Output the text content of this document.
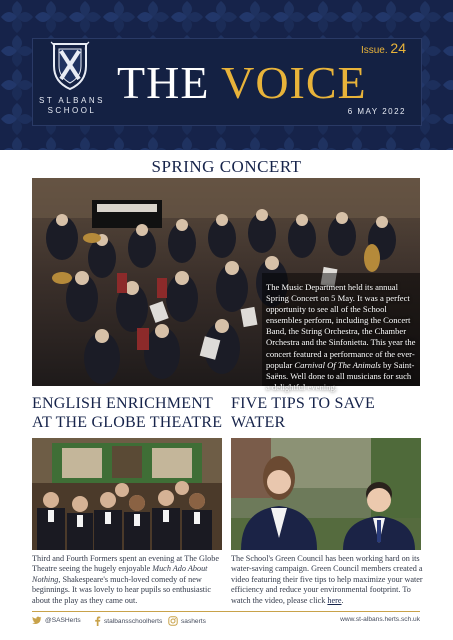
ST ALBANS SCHOOL
Issue. 24
THE VOICE
6 MAY 2022
SPRING CONCERT
The Music Department held its annual Spring Concert on 5 May. It was a perfect opportunity to see all of the School ensembles perform, including the Concert Band, the String Orchestra, the Chamber Orchestra and the Sinfonietta. This year the concert featured a performance of the ever-popular Carnival Of The Animals by Saint-Saëns. Well done to all musicians for such a delightful evening.
ENGLISH ENRICHMENT
AT THE GLOBE THEATRE
Third and Fourth Formers spent an evening at The Globe Theatre seeing the hugely enjoyable Much Ado About Nothing, Shakespeare's much-loved comedy of new beginnings. It was lovely to hear pupils so enthusiastic about the play as they came out.
FIVE TIPS TO SAVE
WATER
The School's Green Council has been working hard on its water-saving campaign. Green Council members created a video featuring their five tips to help maximize your water efficiency and reduce your environmental footprint. To watch the video, please click here.
@SASHerts	stalbansschoolherts	sasherts	www.st-albans.herts.sch.uk
